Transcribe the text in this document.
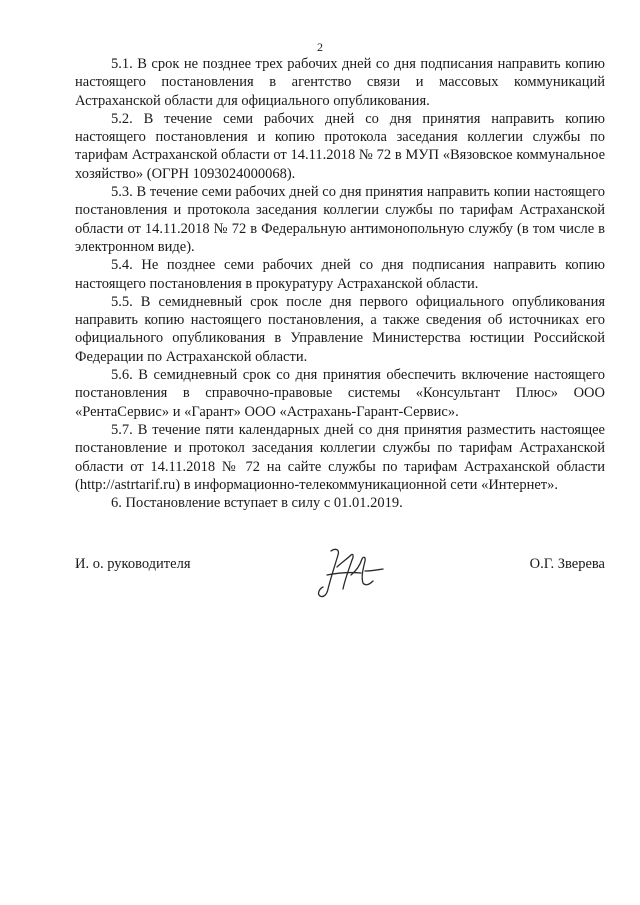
2

5.1. В срок не позднее трех рабочих дней со дня подписания направить копию настоящего постановления в агентство связи и массовых коммуникаций Астраханской области для официального опубликования.

5.2. В течение семи рабочих дней со дня принятия направить копию настоящего постановления и копию протокола заседания коллегии службы по тарифам Астраханской области от 14.11.2018 № 72 в МУП «Вязовское коммунальное хозяйство» (ОГРН 1093024000068).

5.3. В течение семи рабочих дней со дня принятия направить копии настоящего постановления и протокола заседания коллегии службы по тарифам Астраханской области от 14.11.2018 № 72 в Федеральную антимонопольную службу (в том числе в электронном виде).

5.4. Не позднее семи рабочих дней со дня подписания направить копию настоящего постановления в прокуратуру Астраханской области.

5.5. В семидневный срок после дня первого официального опубликования направить копию настоящего постановления, а также сведения об источниках его официального опубликования в Управление Министерства юстиции Российской Федерации по Астраханской области.

5.6. В семидневный срок со дня принятия обеспечить включение настоящего постановления в справочно-правовые системы «Консультант Плюс» ООО «РентаСервис» и «Гарант» ООО «Астрахань-Гарант-Сервис».

5.7. В течение пяти календарных дней со дня принятия разместить настоящее постановление и протокол заседания коллегии службы по тарифам Астраханской области от 14.11.2018 № 72 на сайте службы по тарифам Астраханской области (http://astrtarif.ru) в информационно-телекоммуникационной сети «Интернет».

6. Постановление вступает в силу с 01.01.2019.

И. о. руководителя	О.Г. Зверева
